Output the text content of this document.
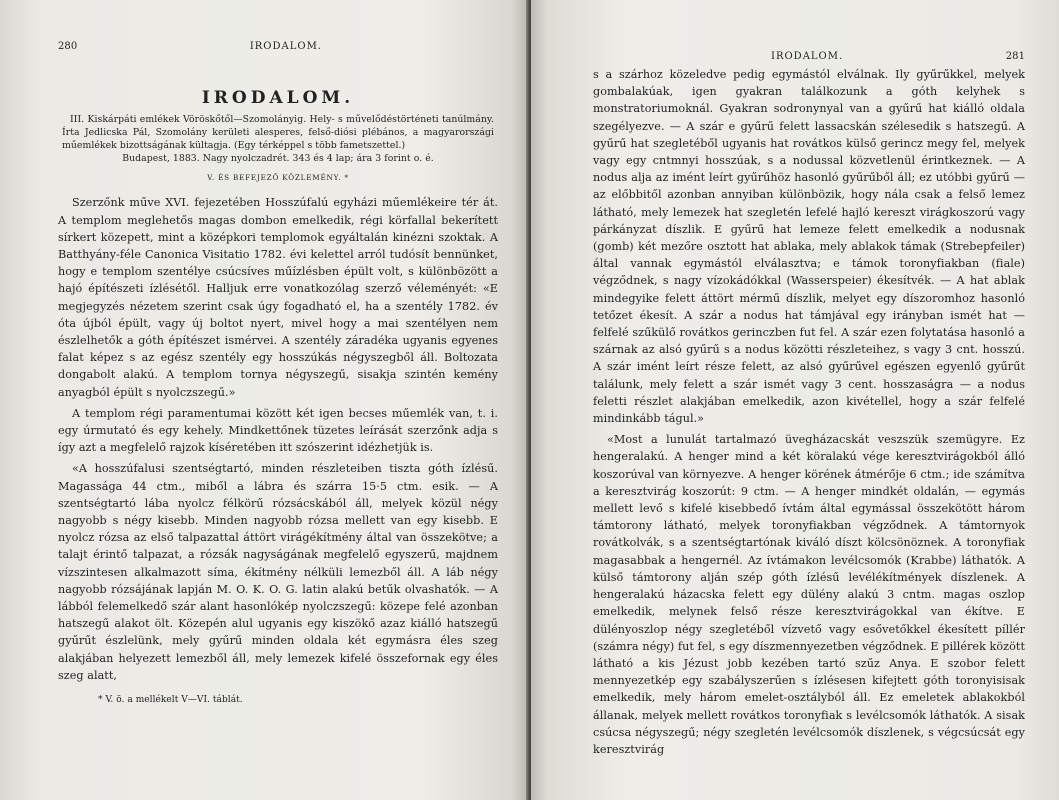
280	IRODALOM.
IRODALOM.
III. Kiskárpáti emlékek Vöröskőtől—Szomolányig. Hely- s művelődéstörténeti tanúlmány. Írta Jedlicska Pál, Szomolány kerületi alesperes, felső-diósi plébános, a magyarországi műemlékek bizottságának kültagja. (Egy térképpel s több fametszettel.)
Budapest, 1883. Nagy nyolczadrét. 343 és 4 lap; ára 3 forint o. é.
V. ÉS BEFEJEZŐ KÖZLEMÉNY. *

Szerzőnk műve XVI. fejezetében Hosszúfalú egyházi műemlékeire tér át. A templom meglehetős magas dombon emelkedik, régi körfallal bekerített sírkert közepett, mint a középkori templomok egyáltalán kinézni szoktak. A Batthyány-féle Canonica Visitatio 1782. évi kelettel arról tudósít bennünket, hogy e templom szentélye csúcsíves műízlésben épült volt, s különbözött a hajó építészeti ízlésétől. Halljuk erre vonatkozólag szerző véleményét: «E megjegyzés nézetem szerint csak úgy fogadható el, ha a szentély 1782. év óta újból épült, vagy új boltot nyert, mivel hogy a mai szentélyen nem észlelhetők a góth építészet ismérvei. A szentély záradéka ugyanis egyenes falat képez s az egész szentély egy hosszúkás négyszegből áll. Boltozata dongabolt alakú. A templom tornya négyszegű, sisakja szintén kemény anyagból épült s nyolczszegű.»

A templom régi paramentumai között két igen becses műemlék van, t. i. egy úrmutató és egy kehely. Mindkettőnek tüzetes leírását szerzőnk adja s így azt a megfelelő rajzok kíséretében itt szószerint idézhetjük is.

«A hosszúfalusi szentségtartó, minden részleteiben tiszta góth ízlésű. Magassága 44 ctm., miből a lábra és szárra 15·5 ctm. esik. — A szentségtartó lába nyolcz félkörű rózsácskából áll, melyek közül négy nagyobb s négy kisebb. Minden nagyobb rózsa mellett van egy kisebb. E nyolcz rózsa az első talpazattal áttört virágékítmény által van összekötve; a talajt érintő talpazat, a rózsák nagyságának megfelelő egyszerű, majdnem vízszintesen alkalmazott síma, ékítmény nélküli lemezből áll. A láb négy nagyobb rózsájának lapján M. O. K. O. G. latin alakú betűk olvashatók. — A lábból felemelkedő szár alant hasonlókép nyolczszegű: közepe felé azonban hatszegű alakot ölt. Közepén alul ugyanis egy kiszökő azaz kiálló hatszegű gyűrűt észlelünk, mely gyűrű minden oldala két egymásra éles szeg alakjában helyezett lemezből áll, mely lemezek kifelé összefornak egy éles szeg alatt,

* V. ö. a mellékelt V—VI. táblát.
IRODALOM.	281

s a szárhoz közeledve pedig egymástól elválnak. Ily gyűrűkkel, melyek gombalakúak, igen gyakran találkozunk a góth kelyhek s monstratoriumoknál. Gyakran sodronynyal van a gyűrű hat kiálló oldala szegélyezve. — A szár e gyűrű felett lassacskán szélesedik s hatszegű. A gyűrű hat szegletéből ugyanis hat rovátkos külső gerincz megy fel, melyek vagy egy cntmnyi hosszúak, s a nodussal közvetlenül érintkeznek. — A nodus alja az imént leírt gyűrűhöz hasonló gyűrűből áll; ez utóbbi gyűrű — az előbbitől azonban annyiban különbözik, hogy nála csak a felső lemez látható, mely lemezek hat szegletén lefelé hajló kereszt virágkoszorú vagy párkányzat díszlik. E gyűrű hat lemeze felett emelkedik a nodusnak (gomb) két mezőre osztott hat ablaka, mely ablakok támak (Strebepfeiler) által vannak egymástól elválasztva; e támok toronyfiakban (fiale) végződnek, s nagy vízokádókkal (Wasserspeier) ékesítvék. — A hat ablak mindegyike felett áttört mérmű díszlik, melyet egy díszoromhoz hasonló tetőzet ékesít. A szár a nodus hat támjával egy irányban ismét hat — felfelé szűkülő rovátkos gerinczben fut fel. A szár ezen folytatása hasonló a szárnak az alsó gyűrű s a nodus közötti részleteihez, s vagy 3 cnt. hosszú. A szár imént leírt része felett, az alsó gyűrűvel egészen egyenlő gyűrűt találunk, mely felett a szár ismét vagy 3 cent. hosszaságra — a nodus feletti részlet alakjában emelkedik, azon kivétellel, hogy a szár felfelé mindinkább tágul.»

«Most a lunulát tartalmazó üvegházacskát veszszük szemügyre. Ez hengeralakú. A henger mind a két köralakú vége keresztvirágokból álló koszorúval van környezve. A henger körének átmérője 6 ctm.; ide számítva a keresztvirág koszorút: 9 ctm. — A henger mindkét oldalán, — egymás mellett levő s kifelé kisebbedő ívtám által egymással összekötött három támtorony látható, melyek toronyfiakban végződnek. A támtornyok rovátkolvák, s a szentségtartónak kiváló díszt kölcsönöznek. A toronyfiak magasabbak a hengernél. Az ívtámakon levélcsomók (Krabbe) láthatók. A külső támtorony alján szép góth ízlésű levélékítmények díszlenek. A hengeralakú házacska felett egy dülény alakú 3 cntm. magas oszlop emelkedik, melynek felső része keresztvirágokkal van ékítve. E dülényoszlop négy szegletéből vízvető vagy esővetőkkel ékesített píllér (számra négy) fut fel, s egy díszmennyezetben végződnek. E pillérek között látható a kis Jézust jobb kezében tartó szűz Anya. E szobor felett mennyezetkép egy szabályszerűen s ízlésesen kifejtett góth toronyisisak emelkedik, mely három emelet-osztályból áll. Ez emeletek ablakokból állanak, melyek mellett rovátkos toronyfiak s levélcsomók láthatók. A sisak csúcsa négyszegű; négy szegletén levélcsomók díszlenek, s végcsúcsát egy keresztvirág
